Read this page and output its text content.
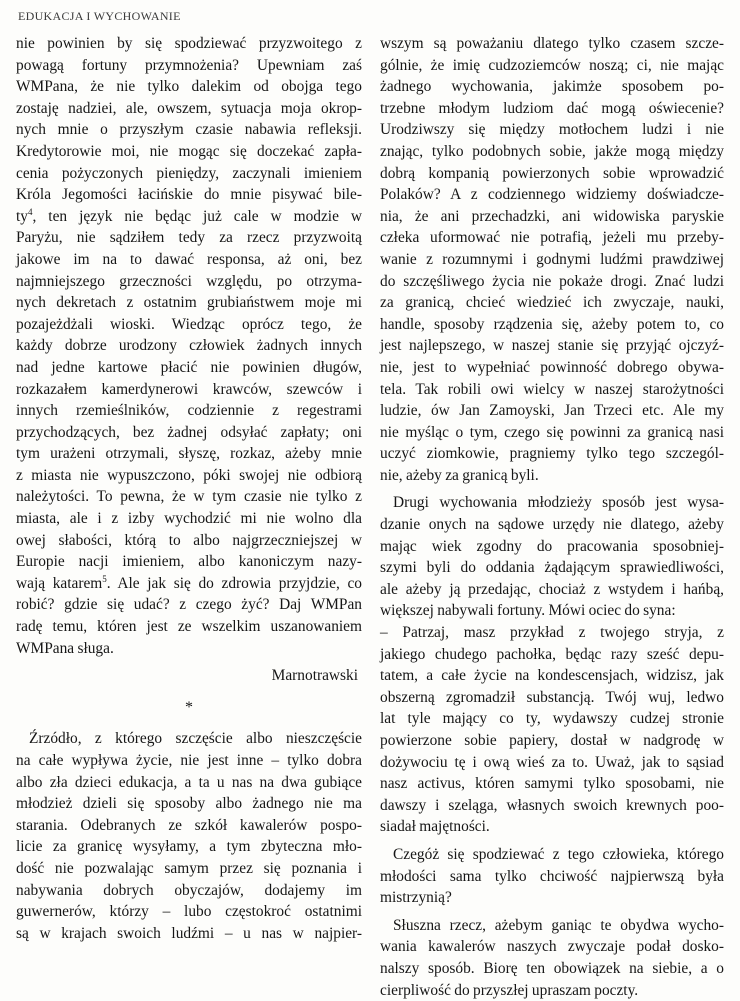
EDUKACJA I WYCHOWANIE
nie powinien by się spodziewać przyzwoitego z
powagą fortuny przymnożenia? Upewniam zaś
WMPana, że nie tylko dalekim od obojga tego
zostaję nadziei, ale, owszem, sytuacja moja okrop-
nych mnie o przyszłym czasie nabawia refleksji.
Kredytorowie moi, nie mogąc się doczekać zapła-
cenia pożyczonych pieniędzy, zaczynali imieniem
Króla Jegomości łacińskie do mnie pisywać bile-
ty$^4$, ten język nie będąc już cale w modzie w
Paryżu, nie sądziłem tedy za rzecz przyzwoitą
jakowe im na to dawać responsa, aż oni, bez
najmniejszego grzeczności względu, po otrzyma-
nych dekretach z ostatnim grubiaństwem moje mi
pozajeżdżali wioski. Wiedząc oprócz tego, że
każdy dobrze urodzony człowiek żadnych innych
nad jedne kartowe płacić nie powinien długów,
rozkazałem kamerdynerowi krawców, szewców i
innych rzemieślników, codziennie z regestrami
przychodzących, bez żadnej odsyłać zapłaty; oni
tym urażeni otrzymali, słyszę, rozkaz, ażeby mnie
z miasta nie wypuszczono, póki swojej nie odbiorą
należytości. To pewna, że w tym czasie nie tylko z
miasta, ale i z izby wychodzić mi nie wolno dla
owej słabości, którą to albo najgrzeczniejszej w
Europie nacji imieniem, albo kanoniczym nazy-
wają katarem$^5$. Ale jak się do zdrowia przyjdzie, co
robić? gdzie się udać? z czego żyć? Daj WMPan
radę temu, któren jest ze wszelkim uszanowaniem
WMPana sługa.
Marnotrawski
*
Źrzódło, z którego szczęście albo nieszczęście
na całe wypływa życie, nie jest inne – tylko dobra
albo zła dzieci edukacja, a ta u nas na dwa gubiące
młodzież dzieli się sposoby albo żadnego nie ma
starania. Odebranych ze szkół kawalerów pospo-
licie za granicę wysyłamy, a tym zbyteczna mło-
dość nie pozwalając samym przez się poznania i
nabywania dobrych obyczajów, dodajemy im
guwernerów, którzy – lubo częstokroć ostatnimi
są w krajach swoich ludźmi – u nas w najpier-
wszym są poważaniu dlatego tylko czasem szcze-
gólnie, że imię cudzoziemców noszą; ci, nie mając
żadnego wychowania, jakimże sposobem po-
trzebne młodym ludziom dać mogą oświecenie?
Urodziwszy się między motłochem ludzi i nie
znając, tylko podobnych sobie, jakże mogą między
dobrą kompanią powierzonych sobie wprowadzić
Polaków? A z codziennego widziemy doświadcze-
nia, że ani przechadzki, ani widowiska paryskie
człeka uformować nie potrafią, jeżeli mu przeby-
wanie z rozumnymi i godnymi ludźmi prawdziwej
do szczęśliwego życia nie pokaże drogi. Znać ludzi
za granicą, chcieć wiedzieć ich zwyczaje, nauki,
handle, sposoby rządzenia się, ażeby potem to, co
jest najlepszego, w naszej stanie się przyjąć ojczyź-
nie, jest to wypełniać powinność dobrego obywa-
tela. Tak robili owi wielcy w naszej starożytności
ludzie, ów Jan Zamoyski, Jan Trzeci etc. Ale my
nie myśląc o tym, czego się powinni za granicą nasi
uczyć ziomkowie, pragniemy tylko tego szczegól-
nie, ażeby za granicą byli.
Drugi wychowania młodzieży sposób jest wysa-
dzanie onych na sądowe urzędy nie dlatego, ażeby
mając wiek zgodny do pracowania sposobniej-
szymi byli do oddania żądającym sprawiedliwości,
ale ażeby ją przedając, chociaż z wstydem i hańbą,
większej nabywali fortuny. Mówi ociec do syna:
– Patrzaj, masz przykład z twojego stryja, z
jakiego chudego pachołka, będąc razy sześć depu-
tatem, a całe życie na kondescensjach, widzisz, jak
obszerną zgromadził substancją. Twój wuj, ledwo
lat tyle mający co ty, wydawszy cudzej stronie
powierzone sobie papiery, dostał w nadgrodę w
dożywociu tę i ową wieś za to. Uważ, jak to sąsiad
nasz activus, któren samymi tylko sposobami, nie
dawszy i szeląga, własnych swoich krewnych poo-
siadał majętności.
Czegóż się spodziewać z tego człowieka, którego
młodości sama tylko chciwość najpierwszą była
mistrzynią?
Słuszna rzecz, ażebym ganiąc te obydwa wycho-
wania kawalerów naszych zwyczaje podał dosko-
nalszy sposób. Biorę ten obowiązek na siebie, a o
cierpliwość do przyszłej upraszam poczty.
